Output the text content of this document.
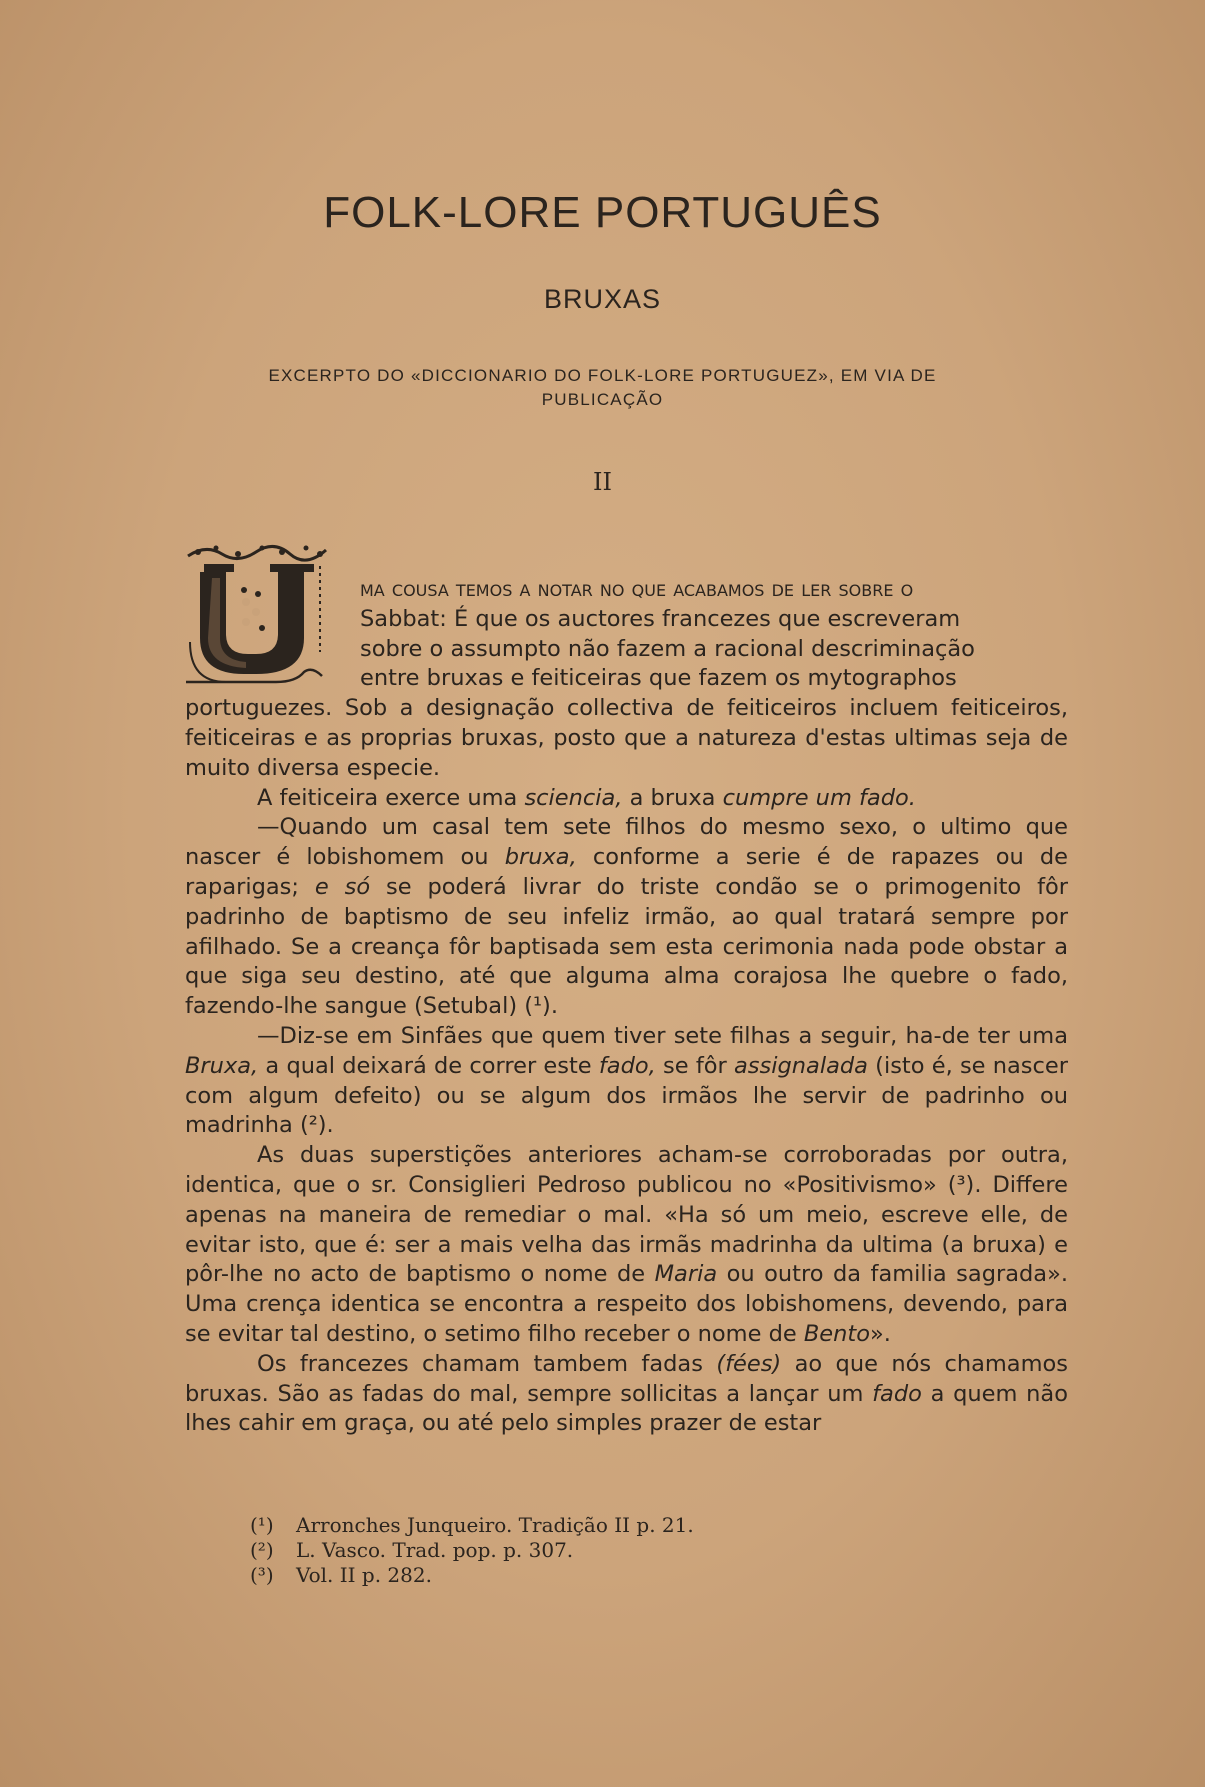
FOLK-LORE PORTUGUÊS
BRUXAS
EXCERPTO DO «DICCIONARIO DO FOLK-LORE PORTUGUEZ», EM VIA DE PUBLICAÇÃO
II

ma cousa temos a notar no que acabamos de ler sobre o

Sabbat: É que os auctores francezes que escreveram

sobre o assumpto não fazem a racional descriminação

entre bruxas e feiticeiras que fazem os mytographos

portuguezes. Sob a designação collectiva de feiticeiros incluem feiticeiros, feiticeiras e as proprias bruxas, posto que a natureza d'estas ultimas seja de muito diversa especie.

A feiticeira exerce uma sciencia, a bruxa cumpre um fado.

—Quando um casal tem sete filhos do mesmo sexo, o ultimo que nascer é lobishomem ou bruxa, conforme a serie é de rapazes ou de raparigas; e só se poderá livrar do triste condão se o primogenito fôr padrinho de baptismo de seu infeliz irmão, ao qual tratará sempre por afilhado. Se a creança fôr baptisada sem esta cerimonia nada pode obstar a que siga seu destino, até que alguma alma corajosa lhe quebre o fado, fazendo-lhe sangue (Setubal) (¹).

—Diz-se em Sinfães que quem tiver sete filhas a seguir, ha-de ter uma Bruxa, a qual deixará de correr este fado, se fôr assignalada (isto é, se nascer com algum defeito) ou se algum dos irmãos lhe servir de padrinho ou madrinha (²).

As duas superstições anteriores acham-se corroboradas por outra, identica, que o sr. Consiglieri Pedroso publicou no «Positivismo» (³). Differe apenas na maneira de remediar o mal. «Ha só um meio, escreve elle, de evitar isto, que é: ser a mais velha das irmãs madrinha da ultima (a bruxa) e pôr-lhe no acto de baptismo o nome de Maria ou outro da familia sagrada». Uma crença identica se encontra a respeito dos lobishomens, devendo, para se evitar tal destino, o setimo filho receber o nome de Bento».

Os francezes chamam tambem fadas (fées) ao que nós chamamos bruxas. São as fadas do mal, sempre sollicitas a lançar um fado a quem não lhes cahir em graça, ou até pelo simples prazer de estar

(¹) Arronches Junqueiro. Tradição II p. 21.
(²) L. Vasco. Trad. pop. p. 307.
(³) Vol. II p. 282.
